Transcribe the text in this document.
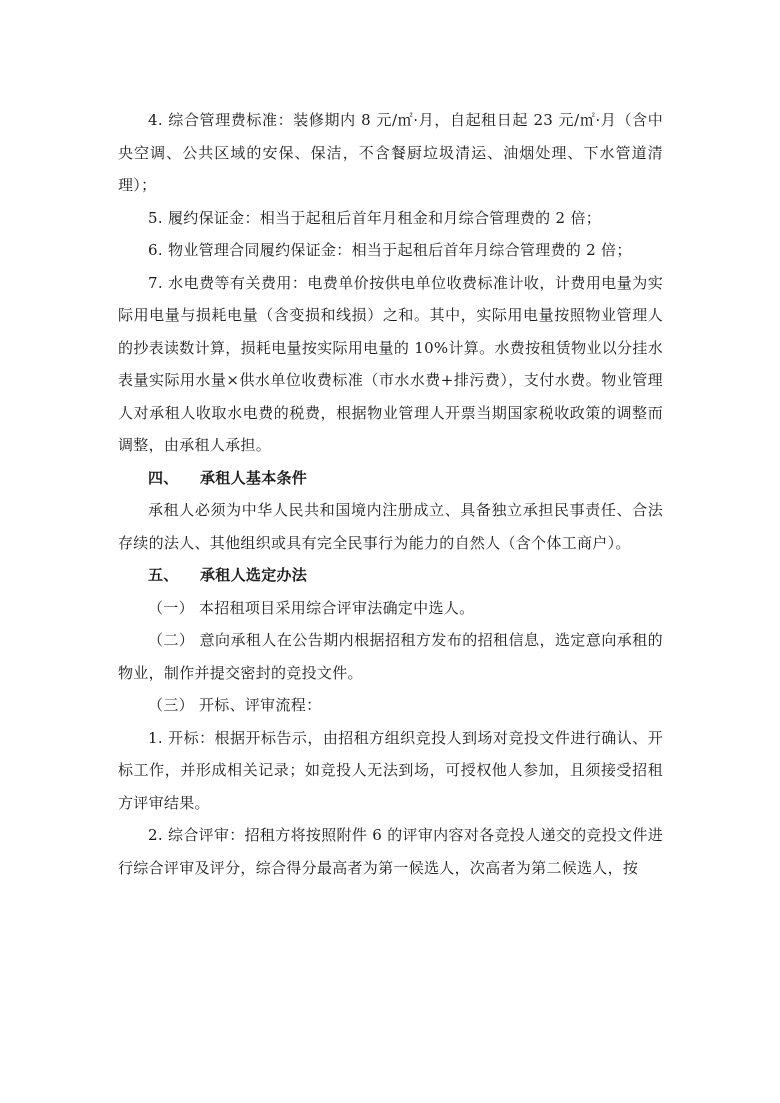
4. 综合管理费标准：装修期内 8 元/㎡·月，自起租日起 23 元/㎡·月（含中央空调、公共区域的安保、保洁，不含餐厨垃圾清运、油烟处理、下水管道清理）；

5. 履约保证金：相当于起租后首年月租金和月综合管理费的 2 倍；

6. 物业管理合同履约保证金：相当于起租后首年月综合管理费的 2 倍；

7. 水电费等有关费用：电费单价按供电单位收费标准计收，计费用电量为实际用电量与损耗电量（含变损和线损）之和。其中，实际用电量按照物业管理人的抄表读数计算，损耗电量按实际用电量的 10%计算。水费按租赁物业以分挂水表量实际用水量×供水单位收费标准（市水水费+排污费），支付水费。物业管理人对承租人收取水电费的税费，根据物业管理人开票当期国家税收政策的调整而调整，由承租人承担。

四、 承租人基本条件

承租人必须为中华人民共和国境内注册成立、具备独立承担民事责任、合法存续的法人、其他组织或具有完全民事行为能力的自然人（含个体工商户）。

五、 承租人选定办法

（一） 本招租项目采用综合评审法确定中选人。

（二） 意向承租人在公告期内根据招租方发布的招租信息，选定意向承租的物业，制作并提交密封的竞投文件。

（三） 开标、评审流程：

1. 开标：根据开标告示，由招租方组织竞投人到场对竞投文件进行确认、开标工作，并形成相关记录；如竞投人无法到场，可授权他人参加，且须接受招租方评审结果。

2. 综合评审：招租方将按照附件 6 的评审内容对各竞投人递交的竞投文件进行综合评审及评分，综合得分最高者为第一候选人，次高者为第二候选人，按
